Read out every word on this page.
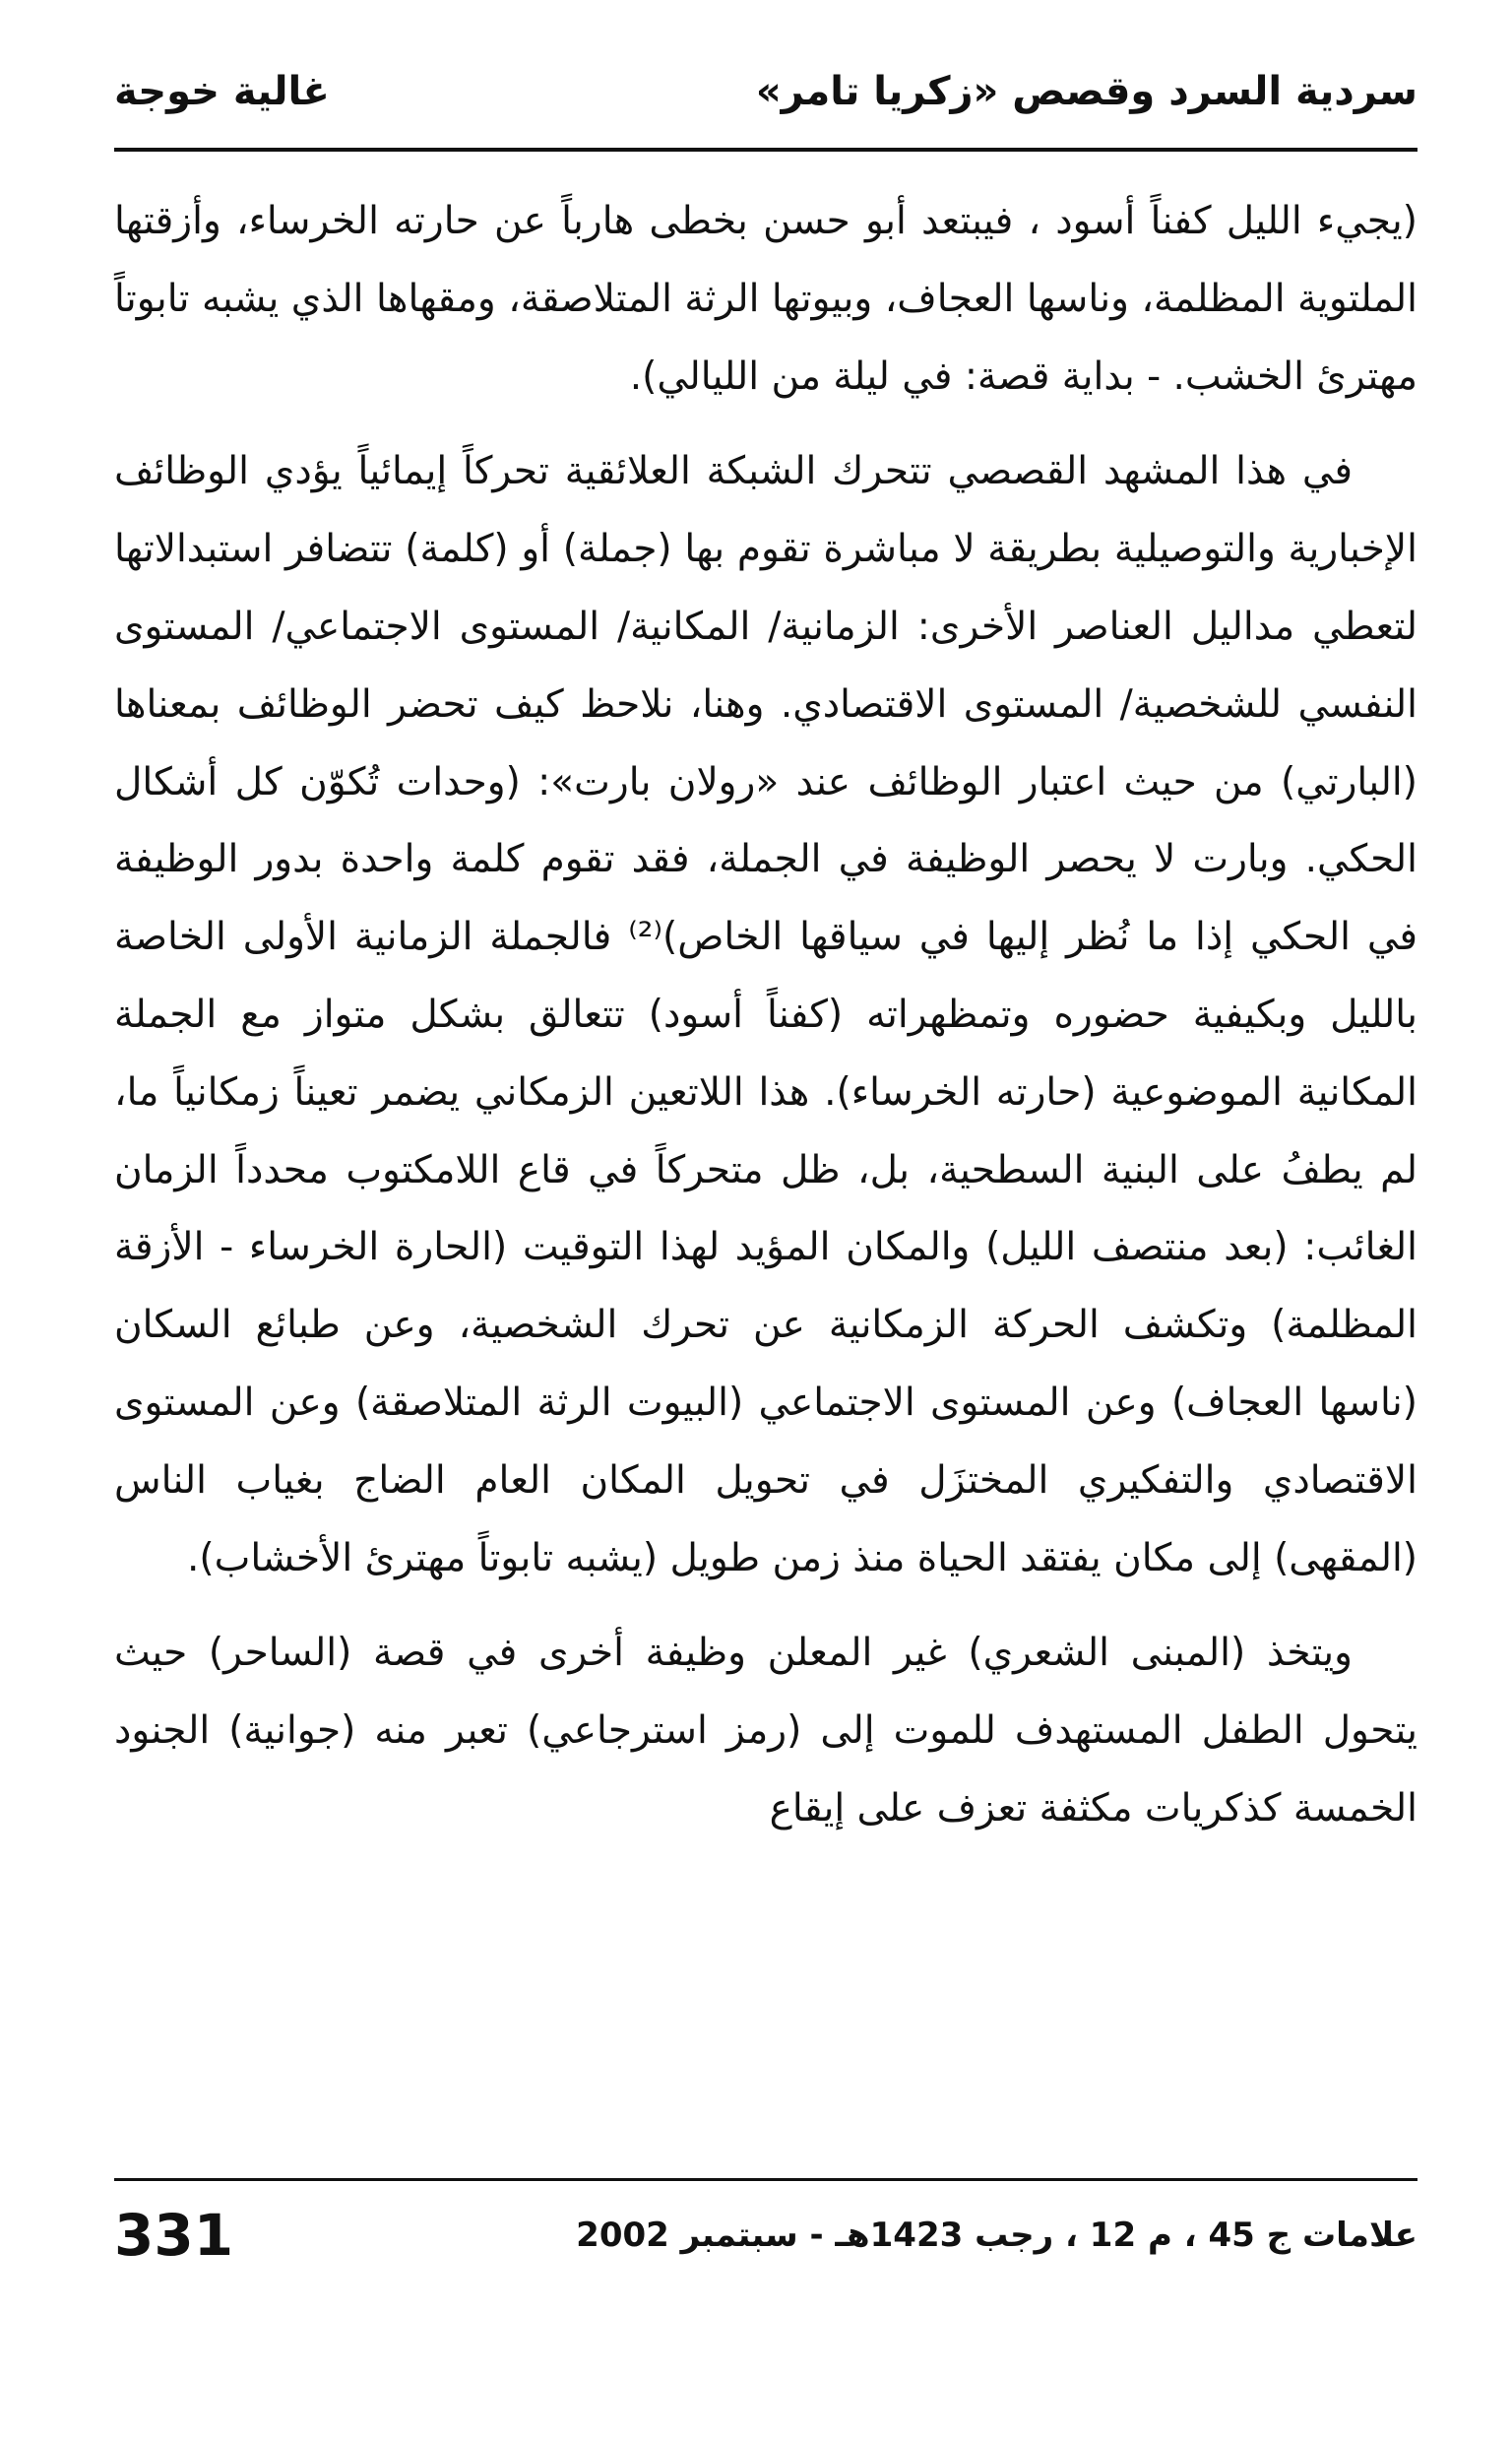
سردية السرد وقصص «زكريا تامر»
غالية خوجة

(يجيء الليل كفناً أسود ، فيبتعد أبو حسن بخطى هارباً عن حارته الخرساء، وأزقتها الملتوية المظلمة، وناسها العجاف، وبيوتها الرثة المتلاصقة، ومقهاها الذي يشبه تابوتاً مهترئ الخشب. - بداية قصة: في ليلة من الليالي).

في هذا المشهد القصصي تتحرك الشبكة العلائقية تحركاً إيمائياً يؤدي الوظائف الإخبارية والتوصيلية بطريقة لا مباشرة تقوم بها (جملة) أو (كلمة) تتضافر استبدالاتها لتعطي مداليل العناصر الأخرى: الزمانية/ المكانية/ المستوى الاجتماعي/ المستوى النفسي للشخصية/ المستوى الاقتصادي. وهنا، نلاحظ كيف تحضر الوظائف بمعناها (البارتي) من حيث اعتبار الوظائف عند «رولان بارت»: (وحدات تُكوّن كل أشكال الحكي. وبارت لا يحصر الوظيفة في الجملة، فقد تقوم كلمة واحدة بدور الوظيفة في الحكي إذا ما نُظر إليها في سياقها الخاص)⁽²⁾ فالجملة الزمانية الأولى الخاصة بالليل وبكيفية حضوره وتمظهراته (كفناً أسود) تتعالق بشكل متواز مع الجملة المكانية الموضوعية (حارته الخرساء). هذا اللاتعين الزمكاني يضمر تعيناً زمكانياً ما، لم يطفُ على البنية السطحية، بل، ظل متحركاً في قاع اللامكتوب محدداً الزمان الغائب: (بعد منتصف الليل) والمكان المؤيد لهذا التوقيت (الحارة الخرساء - الأزقة المظلمة) وتكشف الحركة الزمكانية عن تحرك الشخصية، وعن طبائع السكان (ناسها العجاف) وعن المستوى الاجتماعي (البيوت الرثة المتلاصقة) وعن المستوى الاقتصادي والتفكيري المختزَل في تحويل المكان العام الضاج بغياب الناس (المقهى) إلى مكان يفتقد الحياة منذ زمن طويل (يشبه تابوتاً مهترئ الأخشاب).

ويتخذ (المبنى الشعري) غير المعلن وظيفة أخرى في قصة (الساحر) حيث يتحول الطفل المستهدف للموت إلى (رمز استرجاعي) تعبر منه (جوانية) الجنود الخمسة كذكريات مكثفة تعزف على إيقاع

331	علامات ج 45 ، م 12 ، رجب 1423هـ - سبتمبر 2002
